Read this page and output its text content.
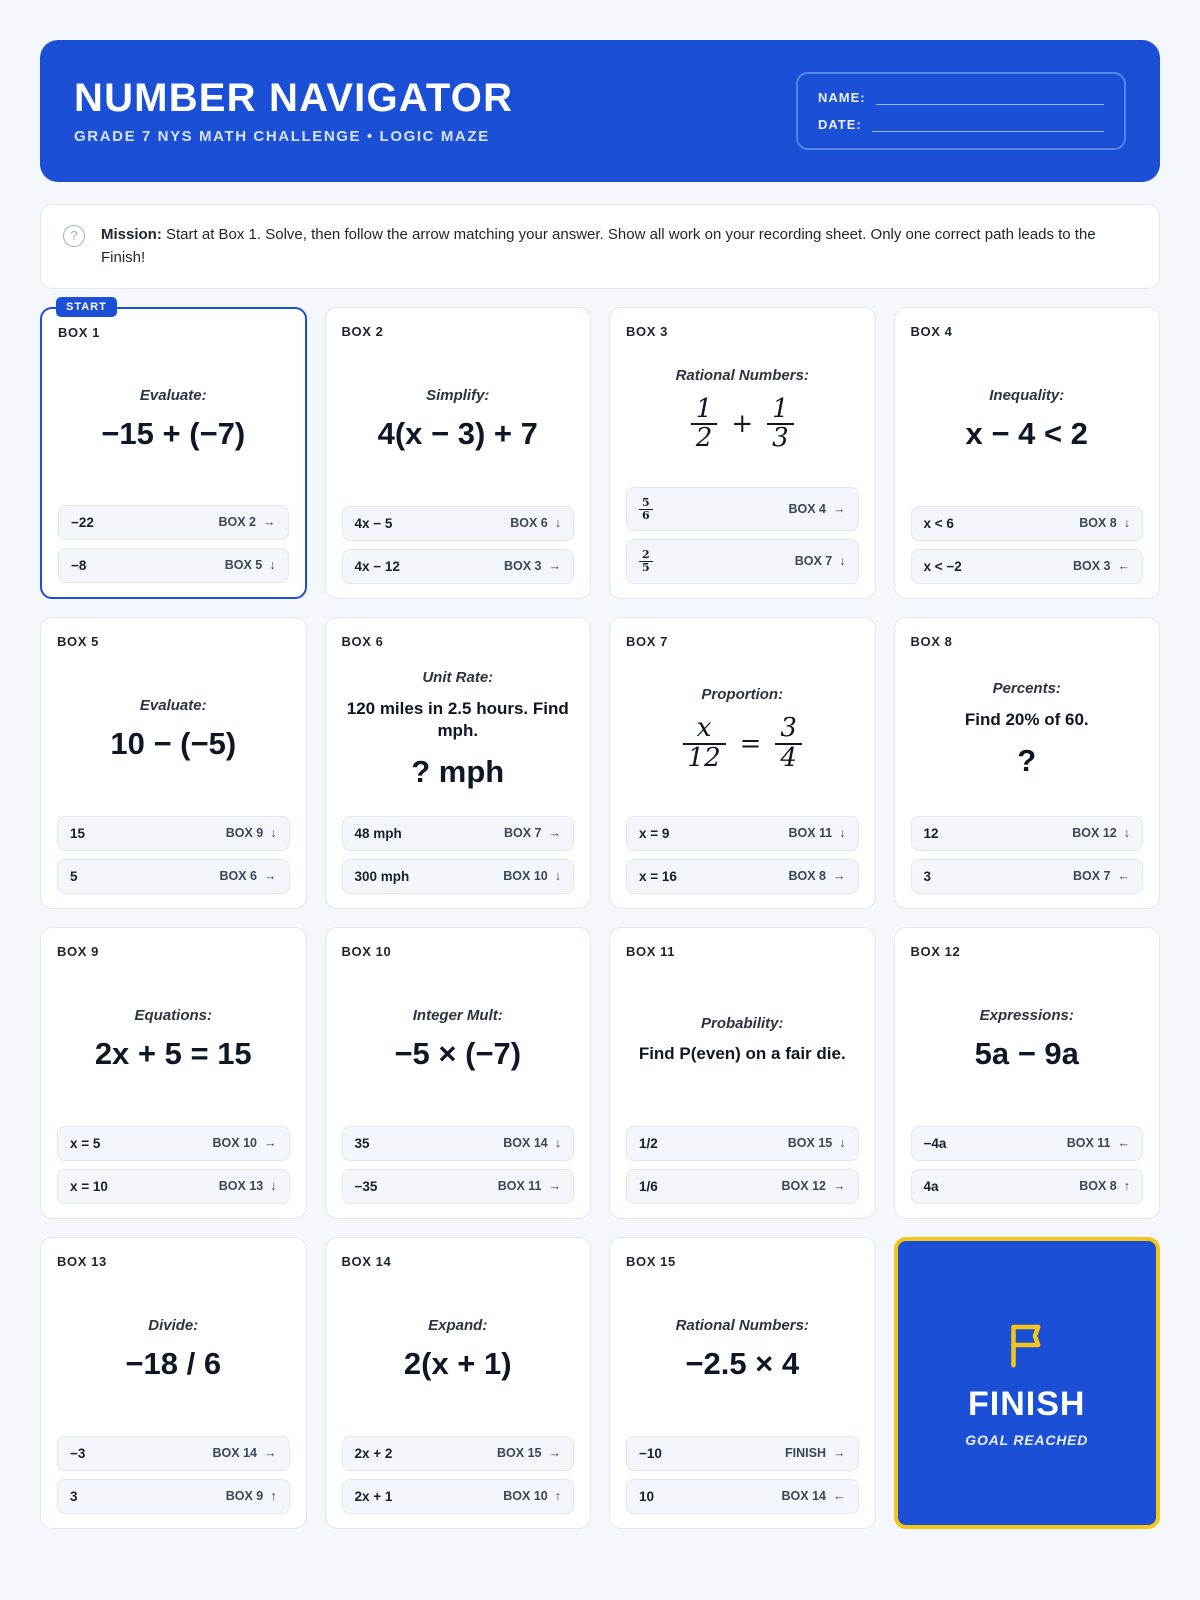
NUMBER NAVIGATOR

GRADE 7 NYS MATH CHALLENGE • LOGIC MAZE

NAME:
DATE:
?	Mission: Start at Box 1. Solve, then follow the arrow matching your answer. Show all work on your recording sheet. Only one correct path leads to the Finish!
START
BOX 1
Evaluate:
−15 + (−7)
−22	BOX 2 →
−8	BOX 5 ↓
BOX 2
Simplify:
4(x − 3) + 7
4x − 5	BOX 6 ↓
4x − 12	BOX 3 →
BOX 3
Rational Numbers:
$\frac{1}{2} + \frac{1}{3}$
$\frac{5}{6}$	BOX 4 →
$\frac{2}{5}$	BOX 7 ↓
BOX 4
Inequality:
x − 4 < 2
x < 6	BOX 8 ↓
x < −2	BOX 3 ←
BOX 5
Evaluate:
10 − (−5)
15	BOX 9 ↓
5	BOX 6 →
BOX 6
Unit Rate:
120 miles in 2.5 hours. Find mph.
? mph
48 mph	BOX 7 →
300 mph	BOX 10 ↓
BOX 7
Proportion:
$\frac{x}{12} = \frac{3}{4}$
x = 9	BOX 11 ↓
x = 16	BOX 8 →
BOX 8
Percents:
Find 20% of 60.
?
12	BOX 12 ↓
3	BOX 7 ←
BOX 9
Equations:
2x + 5 = 15
x = 5	BOX 10 →
x = 10	BOX 13 ↓
BOX 10
Integer Mult:
−5 × (−7)
35	BOX 14 ↓
−35	BOX 11 →
BOX 11
Probability:
Find P(even) on a fair die.
1/2	BOX 15 ↓
1/6	BOX 12 →
BOX 12
Expressions:
5a − 9a
−4a	BOX 11 ←
4a	BOX 8 ↑
BOX 13
Divide:
−18 / 6
−3	BOX 14 →
3	BOX 9 ↑
BOX 14
Expand:
2(x + 1)
2x + 2	BOX 15 →
2x + 1	BOX 10 ↑
BOX 15
Rational Numbers:
−2.5 × 4
−10	FINISH →
10	BOX 14 ←
FINISH
GOAL REACHED
